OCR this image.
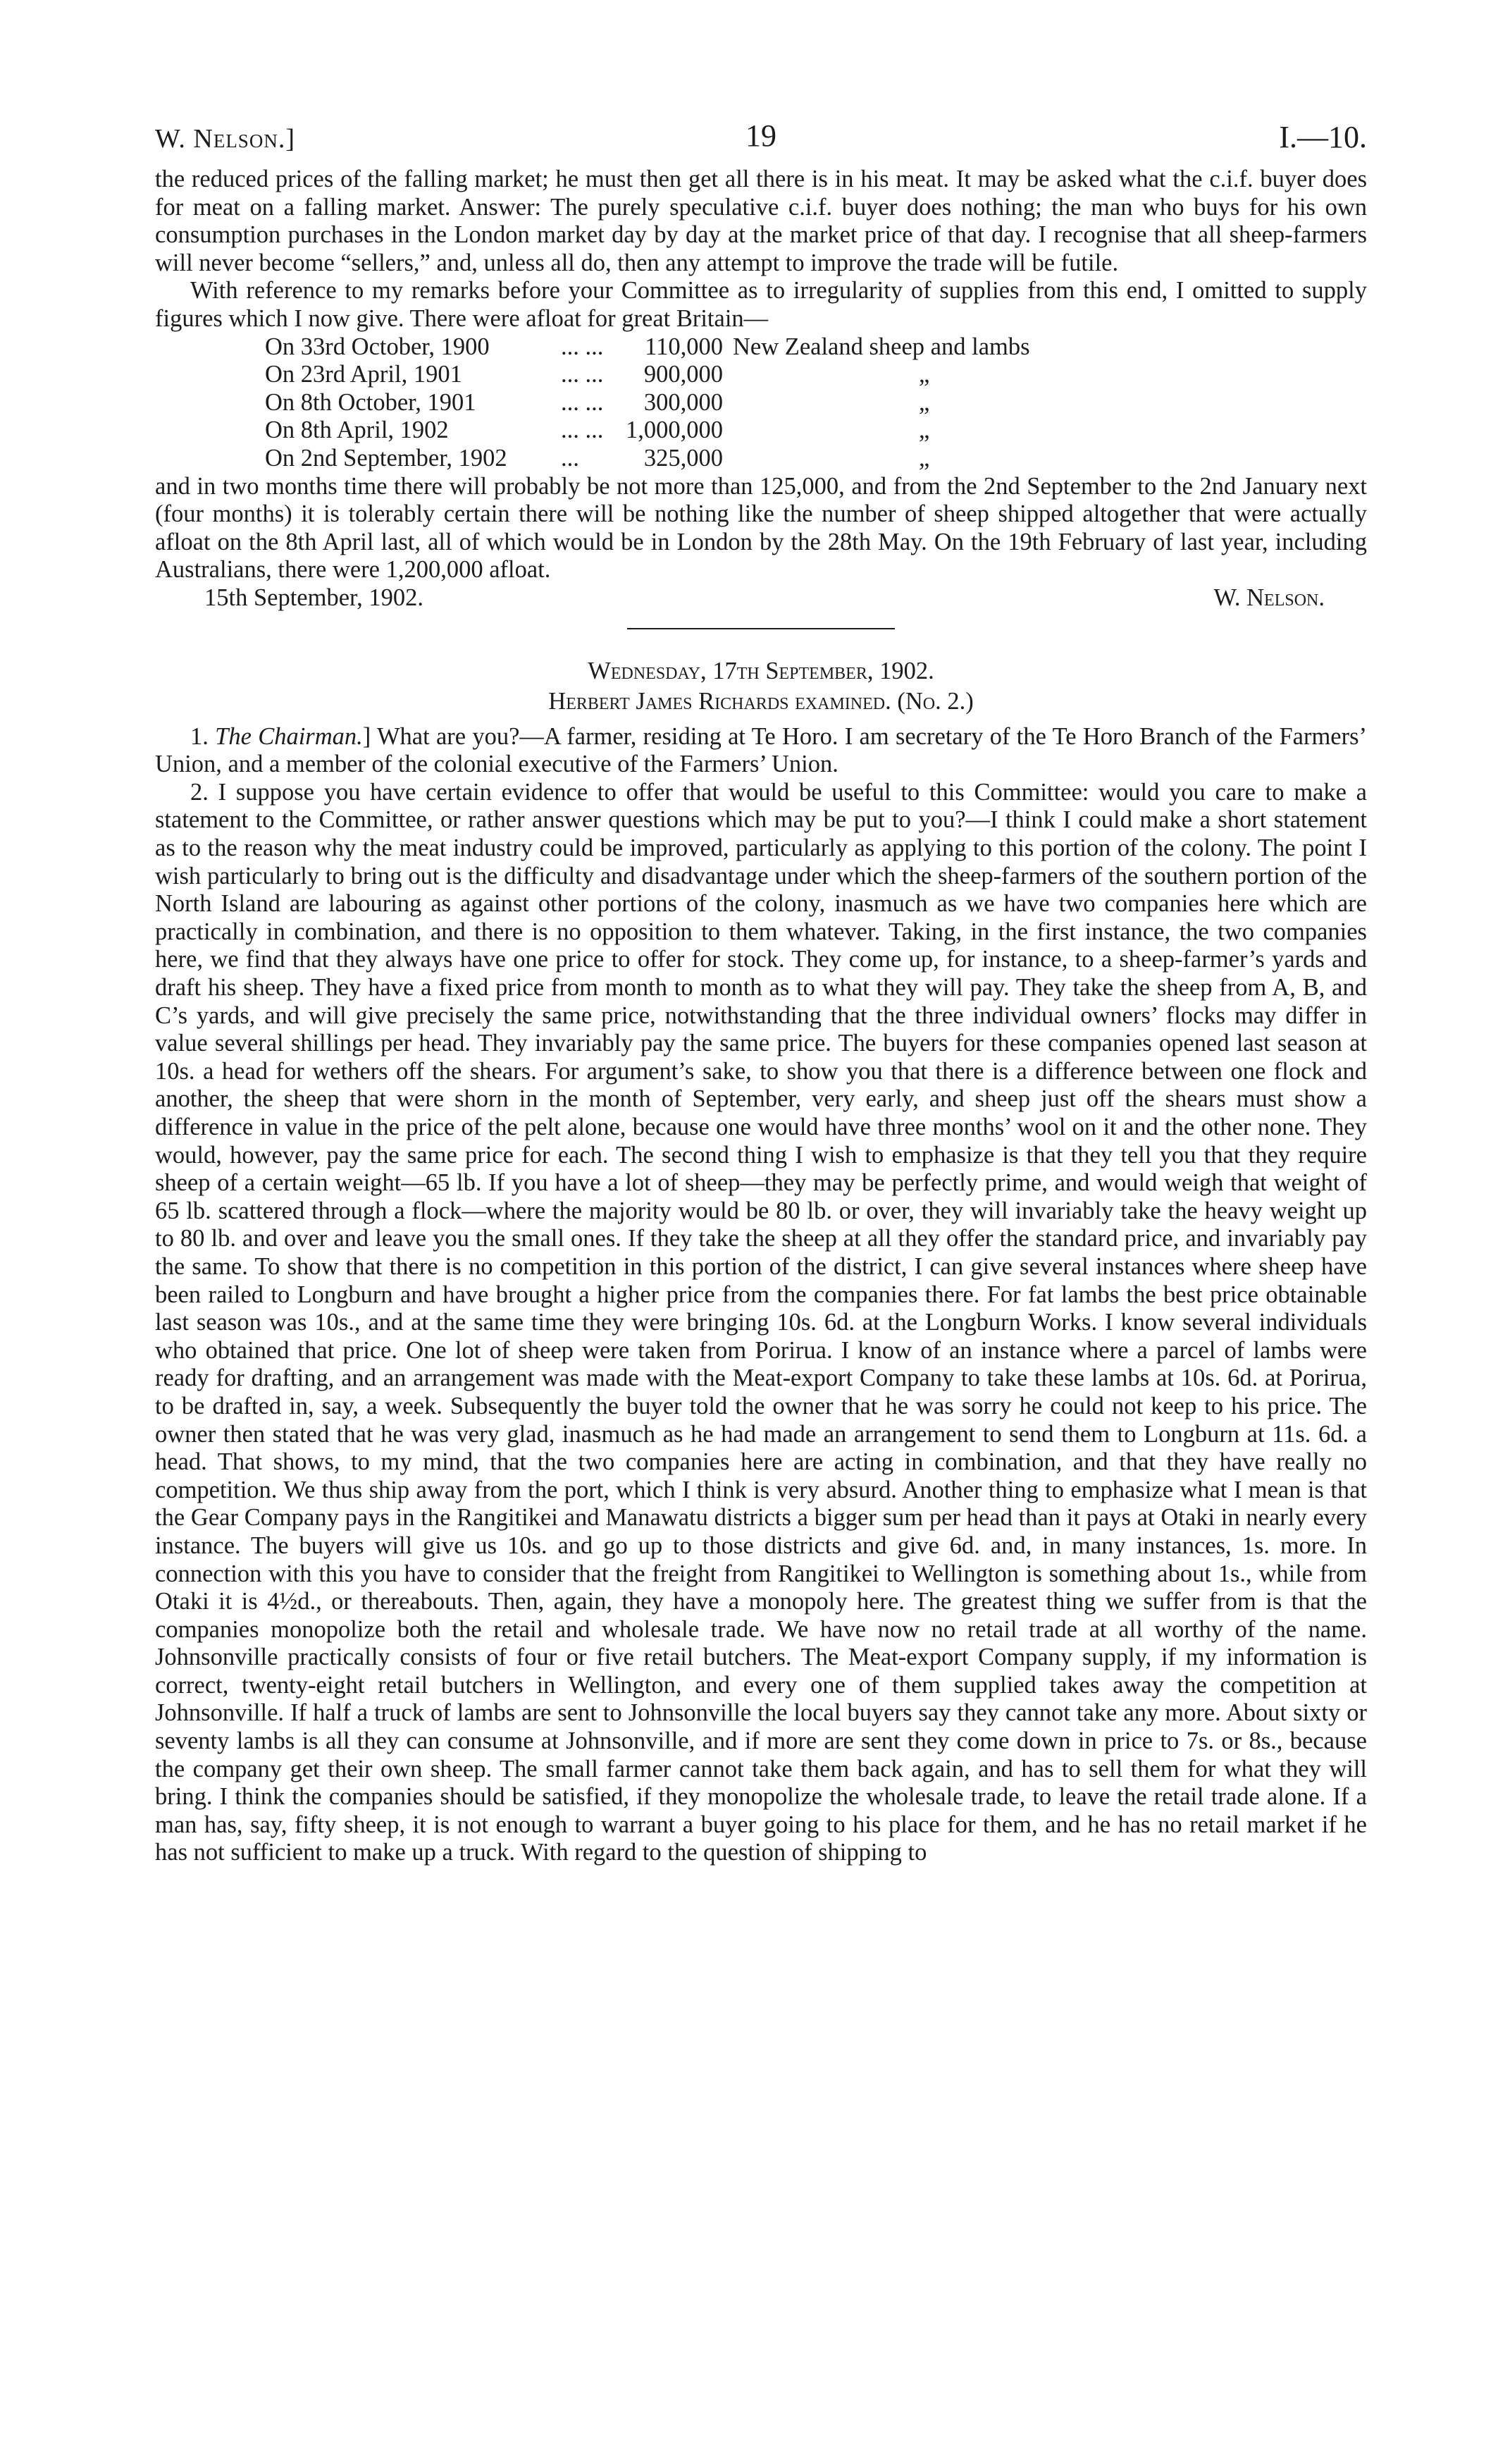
W. Nelson.]	19	I.—10.

the reduced prices of the falling market; he must then get all there is in his meat. It may be asked what the c.i.f. buyer does for meat on a falling market. Answer: The purely speculative c.i.f. buyer does nothing; the man who buys for his own consumption purchases in the London market day by day at the market price of that day. I recognise that all sheep-farmers will never become “sellers,” and, unless all do, then any attempt to improve the trade will be futile.

With reference to my remarks before your Committee as to irregularity of supplies from this end, I omitted to supply figures which I now give. There were afloat for great Britain—

On 33rd October, 1900	... ...	110,000	New Zealand sheep and lambs
On 23rd April, 1901	... ...	900,000	„
On 8th October, 1901	... ...	300,000	„
On 8th April, 1902	... ...	1,000,000	„
On 2nd September, 1902	...	325,000	„

and in two months time there will probably be not more than 125,000, and from the 2nd September to the 2nd January next (four months) it is tolerably certain there will be nothing like the number of sheep shipped altogether that were actually afloat on the 8th April last, all of which would be in London by the 28th May. On the 19th February of last year, including Australians, there were 1,200,000 afloat.

15th September, 1902.	W. Nelson.

Wednesday, 17th September, 1902.

Herbert James Richards examined. (No. 2.)

1. The Chairman.] What are you?—A farmer, residing at Te Horo. I am secretary of the Te Horo Branch of the Farmers’ Union, and a member of the colonial executive of the Farmers’ Union.

2. I suppose you have certain evidence to offer that would be useful to this Committee: would you care to make a statement to the Committee, or rather answer questions which may be put to you?—I think I could make a short statement as to the reason why the meat industry could be improved, particularly as applying to this portion of the colony. The point I wish particularly to bring out is the difficulty and disadvantage under which the sheep-farmers of the southern portion of the North Island are labouring as against other portions of the colony, inasmuch as we have two companies here which are practically in combination, and there is no opposition to them whatever. Taking, in the first instance, the two companies here, we find that they always have one price to offer for stock. They come up, for instance, to a sheep-farmer’s yards and draft his sheep. They have a fixed price from month to month as to what they will pay. They take the sheep from A, B, and C’s yards, and will give precisely the same price, notwithstanding that the three individual owners’ flocks may differ in value several shillings per head. They invariably pay the same price. The buyers for these companies opened last season at 10s. a head for wethers off the shears. For argument’s sake, to show you that there is a difference between one flock and another, the sheep that were shorn in the month of September, very early, and sheep just off the shears must show a difference in value in the price of the pelt alone, because one would have three months’ wool on it and the other none. They would, however, pay the same price for each. The second thing I wish to emphasize is that they tell you that they require sheep of a certain weight—65 lb. If you have a lot of sheep—they may be perfectly prime, and would weigh that weight of 65 lb. scattered through a flock—where the majority would be 80 lb. or over, they will invariably take the heavy weight up to 80 lb. and over and leave you the small ones. If they take the sheep at all they offer the standard price, and invariably pay the same. To show that there is no competition in this portion of the district, I can give several instances where sheep have been railed to Longburn and have brought a higher price from the companies there. For fat lambs the best price obtainable last season was 10s., and at the same time they were bringing 10s. 6d. at the Longburn Works. I know several individuals who obtained that price. One lot of sheep were taken from Porirua. I know of an instance where a parcel of lambs were ready for drafting, and an arrangement was made with the Meat-export Company to take these lambs at 10s. 6d. at Porirua, to be drafted in, say, a week. Subsequently the buyer told the owner that he was sorry he could not keep to his price. The owner then stated that he was very glad, inasmuch as he had made an arrangement to send them to Longburn at 11s. 6d. a head. That shows, to my mind, that the two companies here are acting in combination, and that they have really no competition. We thus ship away from the port, which I think is very absurd. Another thing to emphasize what I mean is that the Gear Company pays in the Rangitikei and Manawatu districts a bigger sum per head than it pays at Otaki in nearly every instance. The buyers will give us 10s. and go up to those districts and give 6d. and, in many instances, 1s. more. In connection with this you have to consider that the freight from Rangitikei to Wellington is something about 1s., while from Otaki it is 4½d., or thereabouts. Then, again, they have a monopoly here. The greatest thing we suffer from is that the companies monopolize both the retail and wholesale trade. We have now no retail trade at all worthy of the name. Johnsonville practically consists of four or five retail butchers. The Meat-export Company supply, if my information is correct, twenty-eight retail butchers in Wellington, and every one of them supplied takes away the competition at Johnsonville. If half a truck of lambs are sent to Johnsonville the local buyers say they cannot take any more. About sixty or seventy lambs is all they can consume at Johnsonville, and if more are sent they come down in price to 7s. or 8s., because the company get their own sheep. The small farmer cannot take them back again, and has to sell them for what they will bring. I think the companies should be satisfied, if they monopolize the wholesale trade, to leave the retail trade alone. If a man has, say, fifty sheep, it is not enough to warrant a buyer going to his place for them, and he has no retail market if he has not sufficient to make up a truck. With regard to the question of shipping to
